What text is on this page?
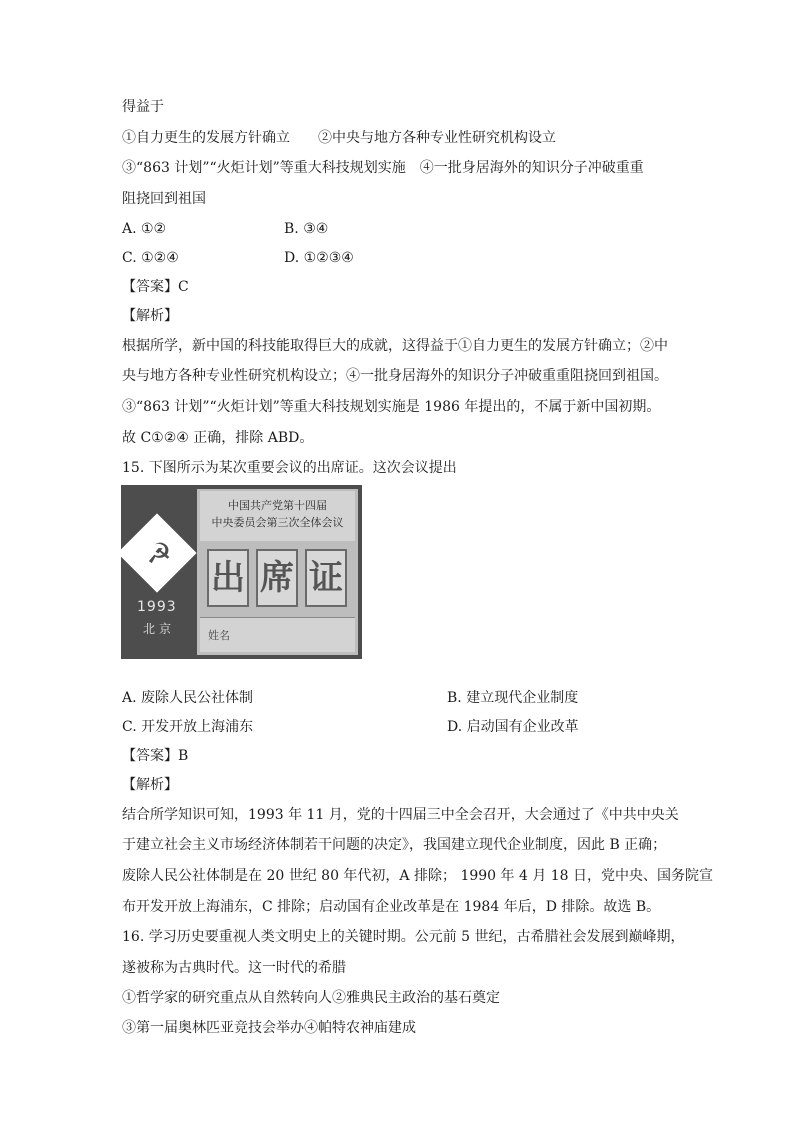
得益于
①自力更生的发展方针确立　　②中央与地方各种专业性研究机构设立
③“863 计划”“火炬计划”等重大科技规划实施　④一批身居海外的知识分子冲破重重
阻挠回到祖国
A. ①②	B. ③④
C. ①②④	D. ①②③④
【答案】C
【解析】
根据所学，新中国的科技能取得巨大的成就，这得益于①自力更生的发展方针确立；②中
央与地方各种专业性研究机构设立；④一批身居海外的知识分子冲破重重阻挠回到祖国。
③“863 计划”“火炬计划”等重大科技规划实施是 1986 年提出的，不属于新中国初期。
故 C①②④ 正确，排除 ABD。
15. 下图所示为某次重要会议的出席证。这次会议提出
☭
1993
北京
中国共产党第十四届
中央委员会第三次全体会议
出 席 证
姓名
A. 废除人民公社体制	B. 建立现代企业制度
C. 开发开放上海浦东	D. 启动国有企业改革
【答案】B
【解析】
结合所学知识可知，1993 年 11 月，党的十四届三中全会召开，大会通过了《中共中央关
于建立社会主义市场经济体制若干问题的决定》，我国建立现代企业制度，因此 B 正确；
废除人民公社体制是在 20 世纪 80 年代初，A 排除； 1990 年 4 月 18 日，党中央、国务院宣
布开发开放上海浦东，C 排除；启动国有企业改革是在 1984 年后，D 排除。故选 B。
16. 学习历史要重视人类文明史上的关键时期。公元前 5 世纪，古希腊社会发展到巅峰期，
遂被称为古典时代。这一时代的希腊
①哲学家的研究重点从自然转向人②雅典民主政治的基石奠定
③第一届奥林匹亚竞技会举办④帕特农神庙建成
